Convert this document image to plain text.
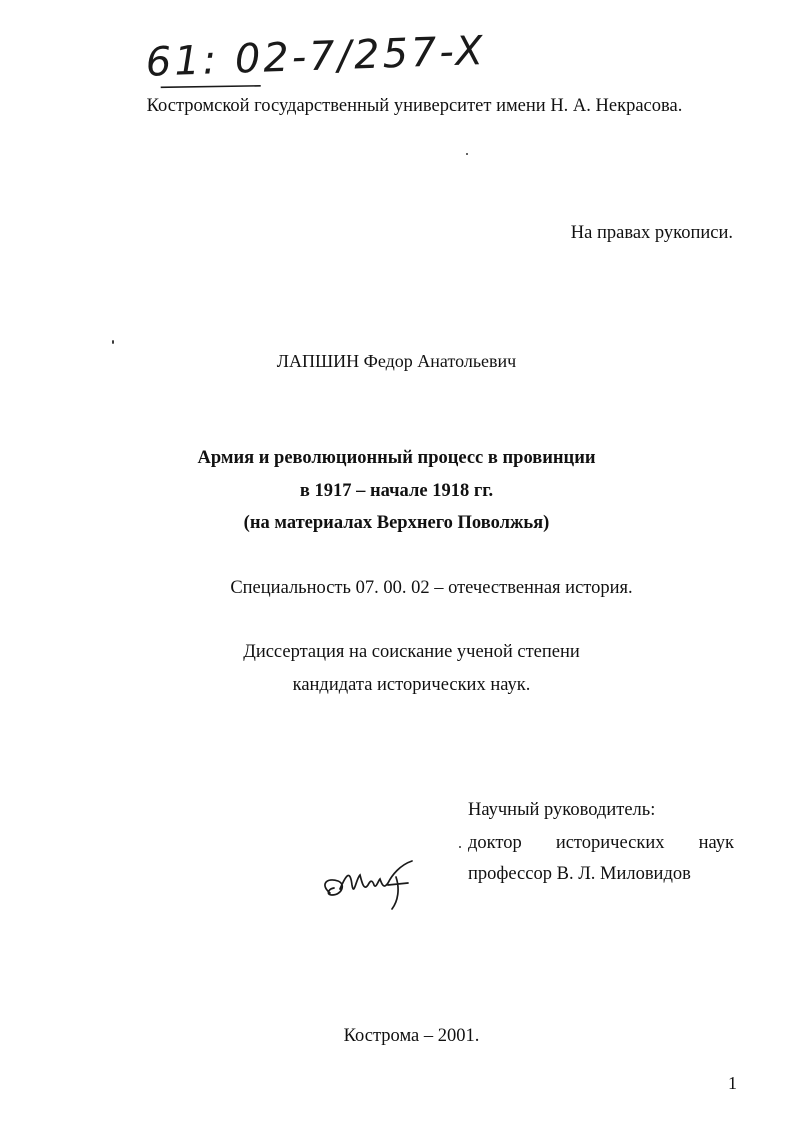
61: 02-7/257-X
Костромской государственный университет имени Н. А. Некрасова.
На правах рукописи.
ЛАПШИН Федор Анатольевич
Армия и революционный процесс в провинции
в 1917 – начале 1918 гг.
(на материалах Верхнего Поволжья)
Специальность 07. 00. 02 – отечественная история.
Диссертация на соискание ученой степени
кандидата исторических наук.
Научный руководитель:
доктор исторических наук
профессор В. Л. Миловидов
Кострома – 2001.
1
